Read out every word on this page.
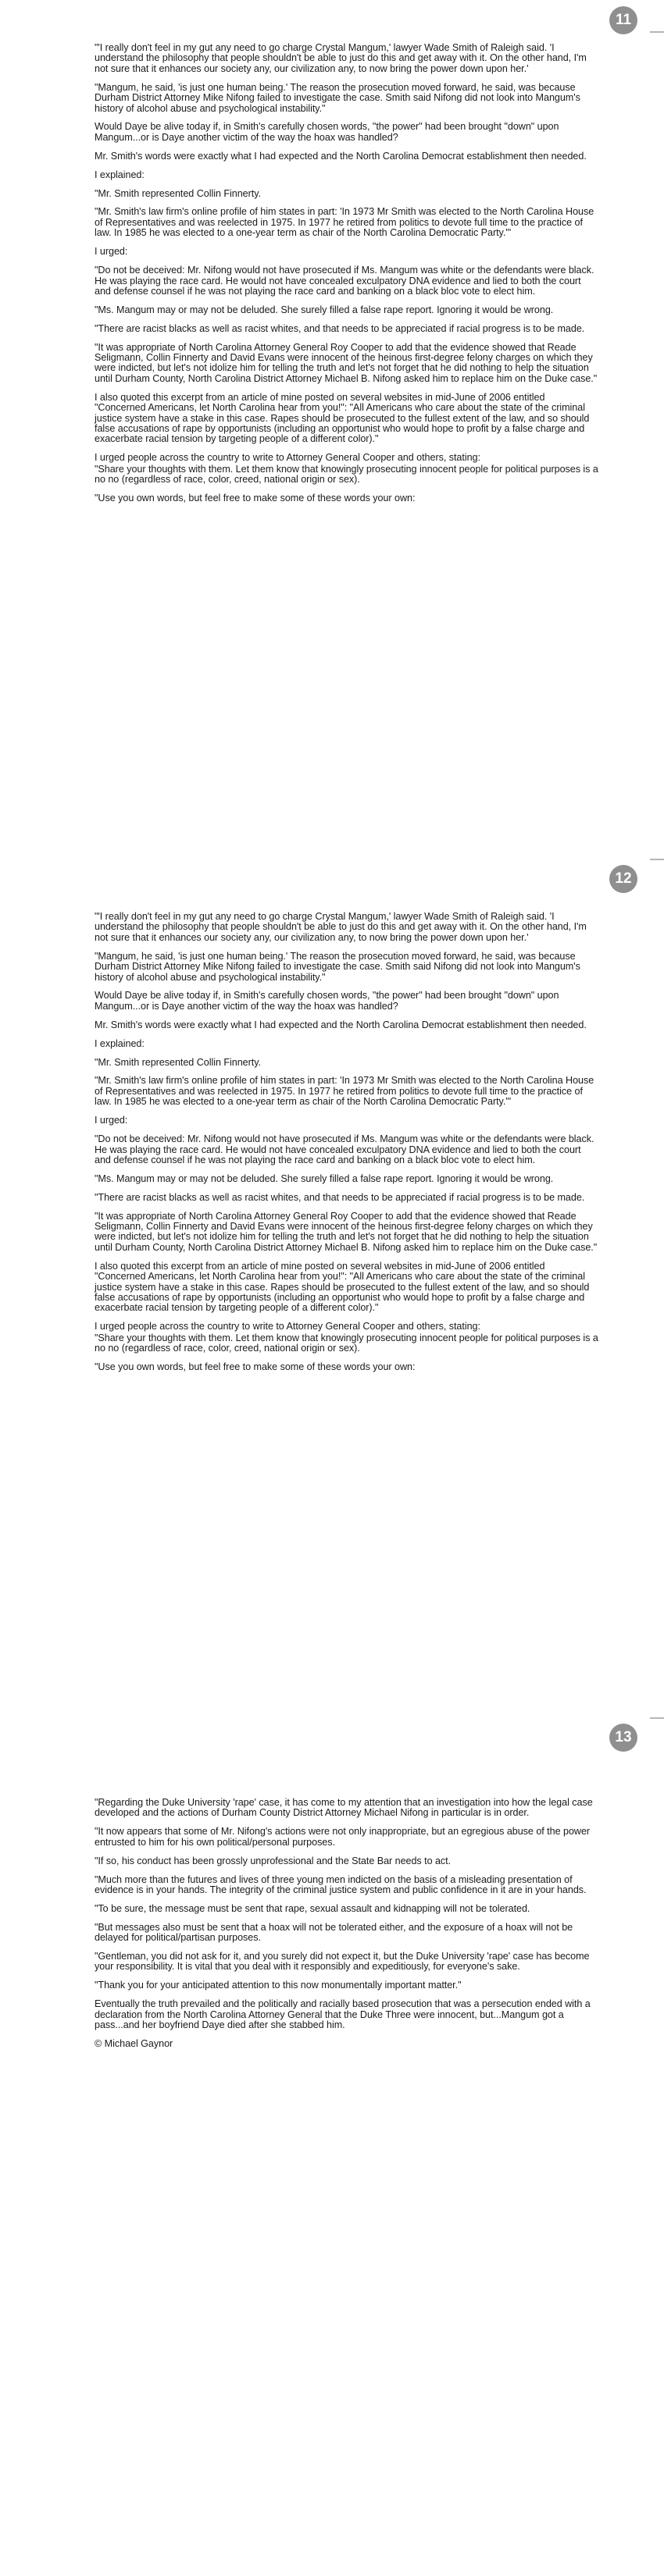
11

"'I really don't feel in my gut any need to go charge Crystal Mangum,' lawyer Wade Smith of Raleigh said. 'I understand the philosophy that people shouldn't be able to just do this and get away with it. On the other hand, I'm not sure that it enhances our society any, our civilization any, to now bring the power down upon her.'

"Mangum, he said, 'is just one human being.' The reason the prosecution moved forward, he said, was because Durham District Attorney Mike Nifong failed to investigate the case. Smith said Nifong did not look into Mangum's history of alcohol abuse and psychological instability."

Would Daye be alive today if, in Smith's carefully chosen words, "the power" had been brought "down" upon Mangum...or is Daye another victim of the way the hoax was handled?

Mr. Smith's words were exactly what I had expected and the North Carolina Democrat establishment then needed.

I explained:

"Mr. Smith represented Collin Finnerty.

"Mr. Smith's law firm's online profile of him states in part: 'In 1973 Mr Smith was elected to the North Carolina House of Representatives and was reelected in 1975. In 1977 he retired from politics to devote full time to the practice of law. In 1985 he was elected to a one-year term as chair of the North Carolina Democratic Party.'"

I urged:

"Do not be deceived: Mr. Nifong would not have prosecuted if Ms. Mangum was white or the defendants were black. He was playing the race card. He would not have concealed exculpatory DNA evidence and lied to both the court and defense counsel if he was not playing the race card and banking on a black bloc vote to elect him.

"Ms. Mangum may or may not be deluded. She surely filled a false rape report. Ignoring it would be wrong.

"There are racist blacks as well as racist whites, and that needs to be appreciated if racial progress is to be made.

"It was appropriate of North Carolina Attorney General Roy Cooper to add that the evidence showed that Reade Seligmann, Collin Finnerty and David Evans were innocent of the heinous first-degree felony charges on which they were indicted, but let's not idolize him for telling the truth and let's not forget that he did nothing to help the situation until Durham County, North Carolina District Attorney Michael B. Nifong asked him to replace him on the Duke case."

I also quoted this excerpt from an article of mine posted on several websites in mid-June of 2006 entitled "Concerned Americans, let North Carolina hear from you!": "All Americans who care about the state of the criminal justice system have a stake in this case. Rapes should be prosecuted to the fullest extent of the law, and so should false accusations of rape by opportunists (including an opportunist who would hope to profit by a false charge and exacerbate racial tension by targeting people of a different color)."

I urged people across the country to write to Attorney General Cooper and others, stating:

"Share your thoughts with them. Let them know that knowingly prosecuting innocent people for political purposes is a no no (regardless of race, color, creed, national origin or sex).

"Use you own words, but feel free to make some of these words your own:

12

"'I really don't feel in my gut any need to go charge Crystal Mangum,' lawyer Wade Smith of Raleigh said. 'I understand the philosophy that people shouldn't be able to just do this and get away with it. On the other hand, I'm not sure that it enhances our society any, our civilization any, to now bring the power down upon her.'

"Mangum, he said, 'is just one human being.' The reason the prosecution moved forward, he said, was because Durham District Attorney Mike Nifong failed to investigate the case. Smith said Nifong did not look into Mangum's history of alcohol abuse and psychological instability."

Would Daye be alive today if, in Smith's carefully chosen words, "the power" had been brought "down" upon Mangum...or is Daye another victim of the way the hoax was handled?

Mr. Smith's words were exactly what I had expected and the North Carolina Democrat establishment then needed.

I explained:

"Mr. Smith represented Collin Finnerty.

"Mr. Smith's law firm's online profile of him states in part: 'In 1973 Mr Smith was elected to the North Carolina House of Representatives and was reelected in 1975. In 1977 he retired from politics to devote full time to the practice of law. In 1985 he was elected to a one-year term as chair of the North Carolina Democratic Party.'"

I urged:

"Do not be deceived: Mr. Nifong would not have prosecuted if Ms. Mangum was white or the defendants were black. He was playing the race card. He would not have concealed exculpatory DNA evidence and lied to both the court and defense counsel if he was not playing the race card and banking on a black bloc vote to elect him.

"Ms. Mangum may or may not be deluded. She surely filled a false rape report. Ignoring it would be wrong.

"There are racist blacks as well as racist whites, and that needs to be appreciated if racial progress is to be made.

"It was appropriate of North Carolina Attorney General Roy Cooper to add that the evidence showed that Reade Seligmann, Collin Finnerty and David Evans were innocent of the heinous first-degree felony charges on which they were indicted, but let's not idolize him for telling the truth and let's not forget that he did nothing to help the situation until Durham County, North Carolina District Attorney Michael B. Nifong asked him to replace him on the Duke case."

I also quoted this excerpt from an article of mine posted on several websites in mid-June of 2006 entitled "Concerned Americans, let North Carolina hear from you!": "All Americans who care about the state of the criminal justice system have a stake in this case. Rapes should be prosecuted to the fullest extent of the law, and so should false accusations of rape by opportunists (including an opportunist who would hope to profit by a false charge and exacerbate racial tension by targeting people of a different color)."

I urged people across the country to write to Attorney General Cooper and others, stating:

"Share your thoughts with them. Let them know that knowingly prosecuting innocent people for political purposes is a no no (regardless of race, color, creed, national origin or sex).

"Use you own words, but feel free to make some of these words your own:

13

"Regarding the Duke University 'rape' case, it has come to my attention that an investigation into how the legal case developed and the actions of Durham County District Attorney Michael Nifong in particular is in order.

"It now appears that some of Mr. Nifong's actions were not only inappropriate, but an egregious abuse of the power entrusted to him for his own political/personal purposes.

"If so, his conduct has been grossly unprofessional and the State Bar needs to act.

"Much more than the futures and lives of three young men indicted on the basis of a misleading presentation of evidence is in your hands. The integrity of the criminal justice system and public confidence in it are in your hands.

"To be sure, the message must be sent that rape, sexual assault and kidnapping will not be tolerated.

"But messages also must be sent that a hoax will not be tolerated either, and the exposure of a hoax will not be delayed for political/partisan purposes.

"Gentleman, you did not ask for it, and you surely did not expect it, but the Duke University 'rape' case has become your responsibility. It is vital that you deal with it responsibly and expeditiously, for everyone's sake.

"Thank you for your anticipated attention to this now monumentally important matter."

Eventually the truth prevailed and the politically and racially based prosecution that was a persecution ended with a declaration from the North Carolina Attorney General that the Duke Three were innocent, but...Mangum got a pass...and her boyfriend Daye died after she stabbed him.

© Michael Gaynor
